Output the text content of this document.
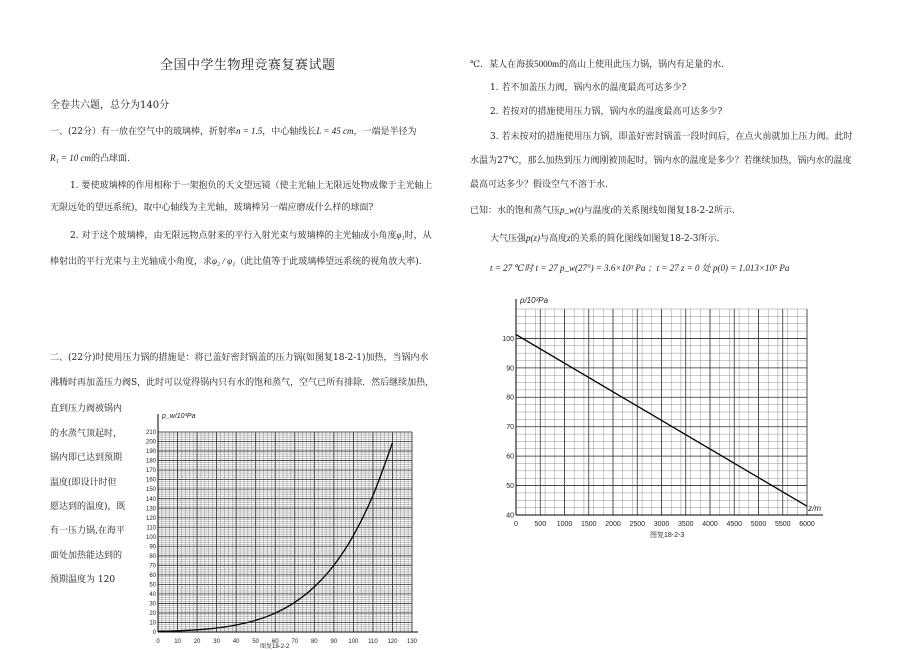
全国中学生物理竞赛复赛试题
全卷共六题，总分为140分
一、(22分）有一放在空气中的玻璃棒，折射率n = 1.5，中心轴线长L = 45 cm，一端是半径为
R₁ = 10 cm的凸球面.
1. 要使玻璃棒的作用相称于一架抱负的天文望远镜（使主光轴上无限远处物成像于主光轴上
无限远处的望远系统)，取中心轴线为主光轴，玻璃棒另一端应磨成什么样的球面?
2. 对于这个玻璃棒，由无限远物点射来的平行入射光束与玻璃棒的主光轴成小角度φ₁时，从
棒射出的平行光束与主光轴成小角度，求φ₂ / φ₁（此比值等于此玻璃棒望远系统的视角放大率).
二、(22分)时使用压力锅的措施是：将已盖好密封锅盖的压力锅(如图复18-2-1)加热，当锅内水
沸腾时再加盖压力阀S，此时可以觉得锅内只有水的饱和蒸气，空气已所有排除．然后继续加热，
直到压力阀被锅内
的水蒸气顶起时，
锅内即已达到预期
温度(即设计时但
愿达到的温度)，既
有一压力锅,在海平
面处加热能达到的
预期温度为 120
0 10 20 30 40 50 60 70 80 90 100 110 120 130
0
10
20
30
40
50
60
70
80
90
100
110
120
130
140
150
160
170
180
190
200
210
p_w/10³Pa
图复18-2-2
℃．某人在海拔5000m的高山上使用此压力锅，锅内有足量的水.
1. 若不加盖压力阀，锅内水的温度最高可达多少?
2. 若按对的措施使用压力锅，锅内水的温度最高可达多少?
3. 若未按对的措施使用压力锅，即盖好密封锅盖一段时间后，在点火前就加上压力阀。此时
水温为27℃，那么加热到压力阀刚被顶起时，锅内水的温度是多少？若继续加热，锅内水的温度
最高可达多少？假设空气不溶于水.
已知：水的饱和蒸气压p_w(t)与温度t的关系图线如图复18-2-2所示.
大气压强p(z)与高度z的关系的简化图线如图复18-2-3所示.
t = 27 ℃时 t = 27 p_w(27°) = 3.6×10³ Pa ；t = 27 z = 0 处 p(0) = 1.013×10⁵ Pa
0 500 1000 1500 2000 2500 3000 3500 4000 4500 5000 5500 6000
40
50
60
70
80
90
100
p/10³Pa
z/m
图复18-2-3
